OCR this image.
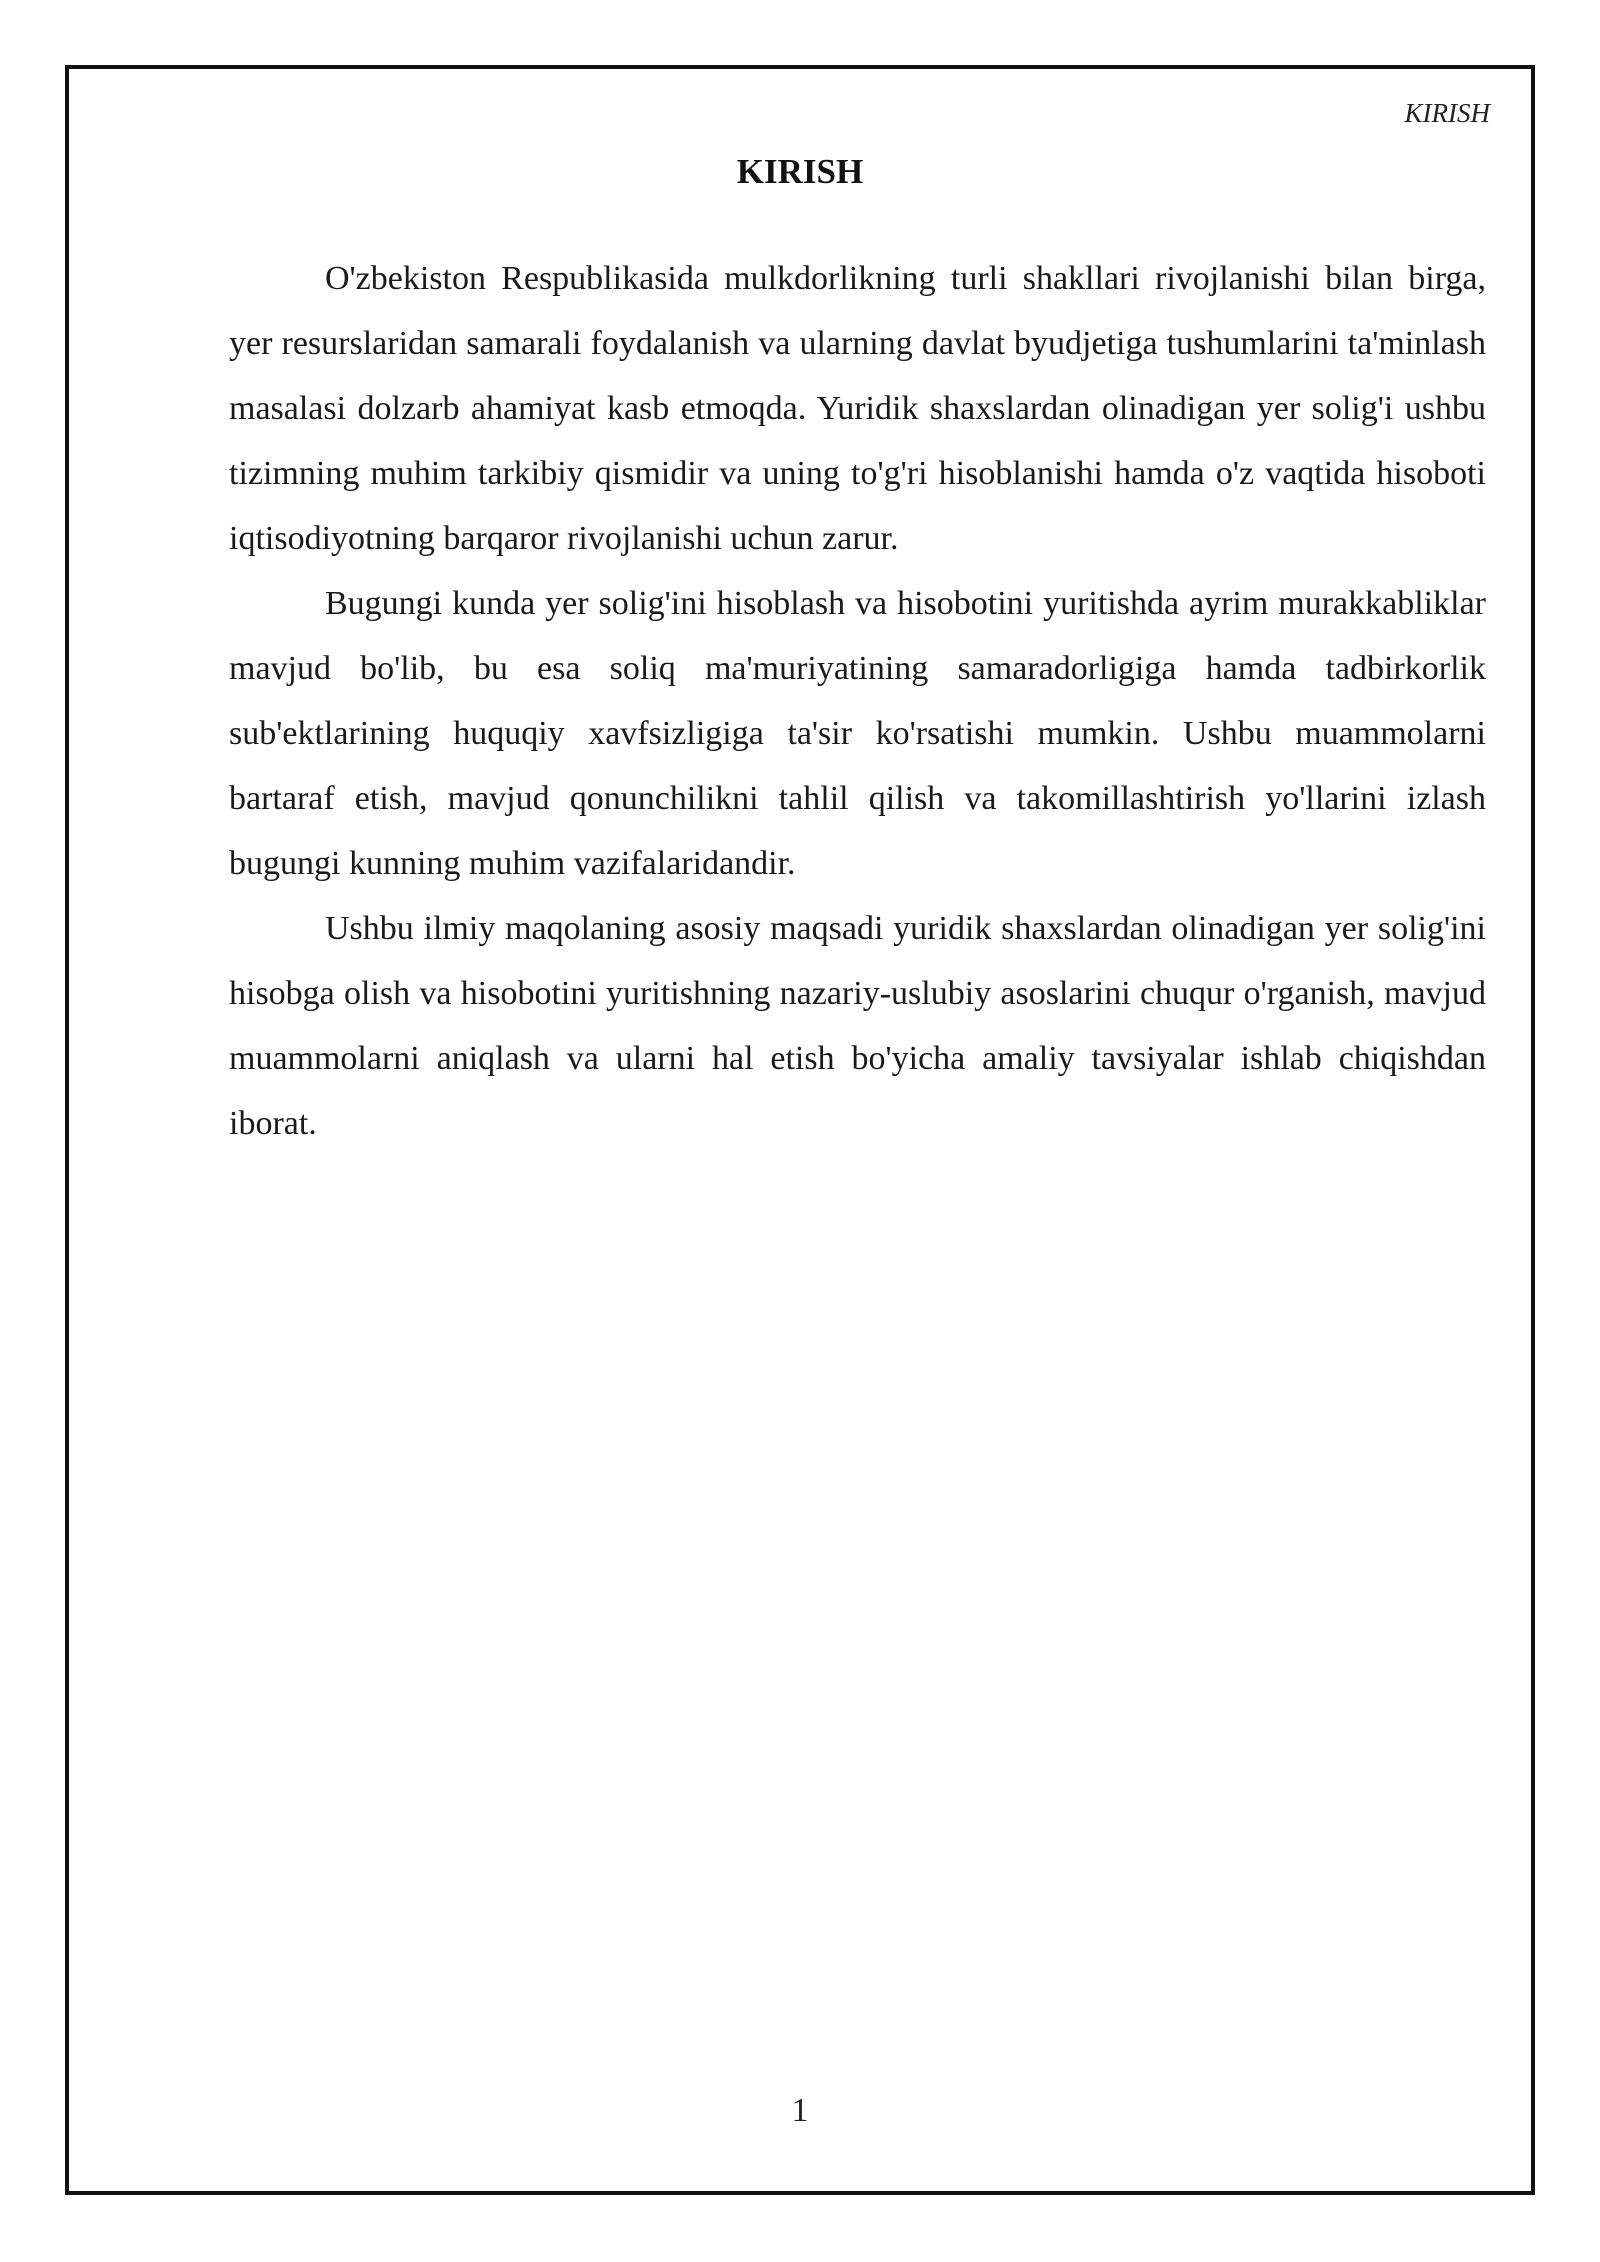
KIRISH
KIRISH

O'zbekiston Respublikasida mulkdorlikning turli shakllari rivojlanishi bilan birga, yer resurslaridan samarali foydalanish va ularning davlat byudjetiga tushumlarini ta'minlash masalasi dolzarb ahamiyat kasb etmoqda. Yuridik shaxslardan olinadigan yer solig'i ushbu tizimning muhim tarkibiy qismidir va uning to'g'ri hisoblanishi hamda o'z vaqtida hisoboti iqtisodiyotning barqaror rivojlanishi uchun zarur.

Bugungi kunda yer solig'ini hisoblash va hisobotini yuritishda ayrim murakkabliklar mavjud bo'lib, bu esa soliq ma'muriyatining samaradorligiga hamda tadbirkorlik sub'ektlarining huquqiy xavfsizligiga ta'sir ko'rsatishi mumkin. Ushbu muammolarni bartaraf etish, mavjud qonunchilikni tahlil qilish va takomillashtirish yo'llarini izlash bugungi kunning muhim vazifalaridandir.

Ushbu ilmiy maqolaning asosiy maqsadi yuridik shaxslardan olinadigan yer solig'ini hisobga olish va hisobotini yuritishning nazariy-uslubiy asoslarini chuqur o'rganish, mavjud muammolarni aniqlash va ularni hal etish bo'yicha amaliy tavsiyalar ishlab chiqishdan iborat.

1
